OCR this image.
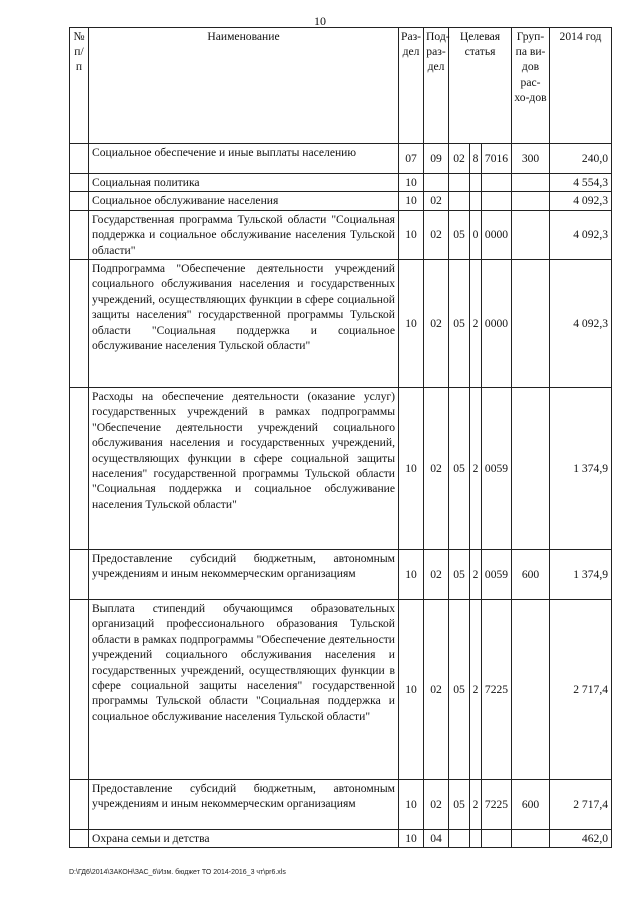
10
№ п/п	Наименование	Раз-дел	Под-раз-дел	Целевая статья			Груп-па ви-дов рас-хо-дов	2014 год
	Социальное обеспечение и иные выплаты населению	07	09	02	8	7016	300	240,0
	Социальная политика	10						4 554,3
	Социальное обслуживание населения	10	02					4 092,3
	Государственная программа Тульской области "Социальная поддержка и социальное обслуживание населения Тульской области"	10	02	05	0	0000		4 092,3
	Подпрограмма "Обеспечение деятельности учреждений социального обслуживания населения и государственных учреждений, осуществляющих функции в сфере социальной защиты населения" государственной программы Тульской области "Социальная поддержка и социальное обслуживание населения Тульской области"	10	02	05	2	0000		4 092,3
	Расходы на обеспечение деятельности (оказание услуг) государственных учреждений в рамках подпрограммы "Обеспечение деятельности учреждений социального обслуживания населения и государственных учреждений, осуществляющих функции в сфере социальной защиты населения" государственной программы Тульской области "Социальная поддержка и социальное обслуживание населения Тульской области"	10	02	05	2	0059		1 374,9
	Предоставление субсидий бюджетным, автономным учреждениям и иным некоммерческим организациям	10	02	05	2	0059	600	1 374,9
	Выплата стипендий обучающимся образовательных организаций профессионального образования Тульской области в рамках подпрограммы "Обеспечение деятельности учреждений социального обслуживания населения и государственных учреждений, осуществляющих функции в сфере социальной защиты населения" государственной программы Тульской области "Социальная поддержка и социальное обслуживание населения Тульской области"	10	02	05	2	7225		2 717,4
	Предоставление субсидий бюджетным, автономным учреждениям и иным некоммерческим организациям	10	02	05	2	7225	600	2 717,4
	Охрана семьи и детства	10	04					462,0
D:\ГД6\2014\ЗАКОН\ЗАС_6\Изм. бюджет ТО 2014-2016_3 чт\pr6.xls
